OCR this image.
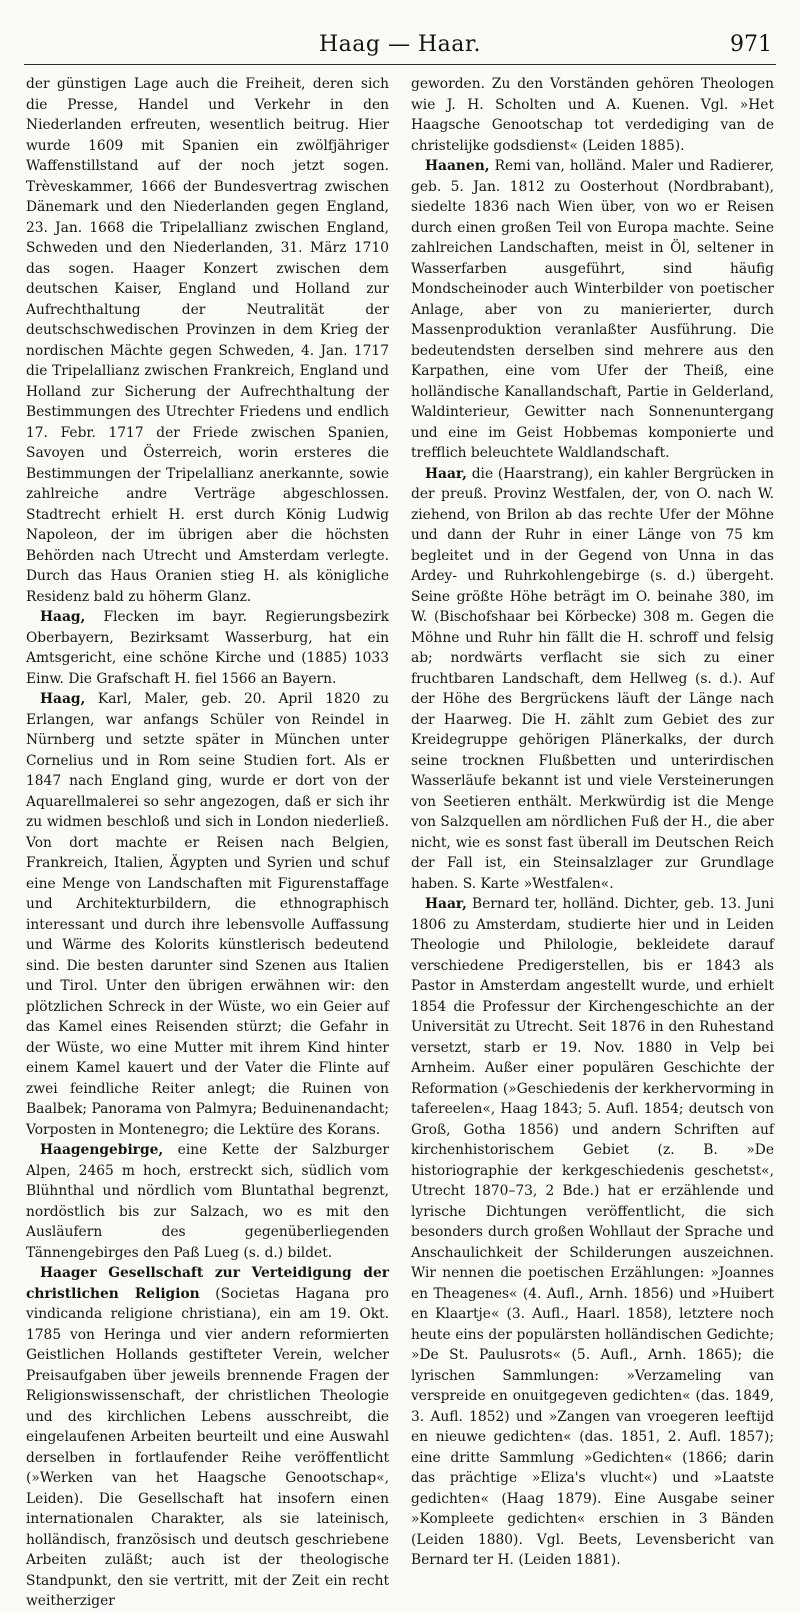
Haag — Haar.	971

der günstigen Lage auch die Freiheit, deren sich die Presse, Handel und Verkehr in den Niederlanden erfreuten, wesentlich beitrug. Hier wurde 1609 mit Spanien ein zwölfjähriger Waffenstillstand auf der noch jetzt sogen. Trèveskammer, 1666 der Bundesvertrag zwischen Dänemark und den Niederlanden gegen England, 23. Jan. 1668 die Tripelallianz zwischen England, Schweden und den Niederlanden, 31. März 1710 das sogen. Haager Konzert zwischen dem deutschen Kaiser, England und Holland zur Aufrechthaltung der Neutralität der deutschschwedischen Provinzen in dem Krieg der nordischen Mächte gegen Schweden, 4. Jan. 1717 die Tripelallianz zwischen Frankreich, England und Holland zur Sicherung der Aufrechthaltung der Bestimmungen des Utrechter Friedens und endlich 17. Febr. 1717 der Friede zwischen Spanien, Savoyen und Österreich, worin ersteres die Bestimmungen der Tripelallianz anerkannte, sowie zahlreiche andre Verträge abgeschlossen. Stadtrecht erhielt H. erst durch König Ludwig Napoleon, der im übrigen aber die höchsten Behörden nach Utrecht und Amsterdam verlegte. Durch das Haus Oranien stieg H. als königliche Residenz bald zu höherm Glanz.

Haag, Flecken im bayr. Regierungsbezirk Oberbayern, Bezirksamt Wasserburg, hat ein Amtsgericht, eine schöne Kirche und (1885) 1033 Einw. Die Grafschaft H. fiel 1566 an Bayern.

Haag, Karl, Maler, geb. 20. April 1820 zu Erlangen, war anfangs Schüler von Reindel in Nürnberg und setzte später in München unter Cornelius und in Rom seine Studien fort. Als er 1847 nach England ging, wurde er dort von der Aquarellmalerei so sehr angezogen, daß er sich ihr zu widmen beschloß und sich in London niederließ. Von dort machte er Reisen nach Belgien, Frankreich, Italien, Ägypten und Syrien und schuf eine Menge von Landschaften mit Figurenstaffage und Architekturbildern, die ethnographisch interessant und durch ihre lebensvolle Auffassung und Wärme des Kolorits künstlerisch bedeutend sind. Die besten darunter sind Szenen aus Italien und Tirol. Unter den übrigen erwähnen wir: den plötzlichen Schreck in der Wüste, wo ein Geier auf das Kamel eines Reisenden stürzt; die Gefahr in der Wüste, wo eine Mutter mit ihrem Kind hinter einem Kamel kauert und der Vater die Flinte auf zwei feindliche Reiter anlegt; die Ruinen von Baalbek; Panorama von Palmyra; Beduinenandacht; Vorposten in Montenegro; die Lektüre des Korans.

Haagengebirge, eine Kette der Salzburger Alpen, 2465 m hoch, erstreckt sich, südlich vom Blühnthal und nördlich vom Bluntathal begrenzt, nordöstlich bis zur Salzach, wo es mit den Ausläufern des gegenüberliegenden Tännengebirges den Paß Lueg (s. d.) bildet.

Haager Gesellschaft zur Verteidigung der christlichen Religion (Societas Hagana pro vindicanda religione christiana), ein am 19. Okt. 1785 von Heringa und vier andern reformierten Geistlichen Hollands gestifteter Verein, welcher Preisaufgaben über jeweils brennende Fragen der Religionswissenschaft, der christlichen Theologie und des kirchlichen Lebens ausschreibt, die eingelaufenen Arbeiten beurteilt und eine Auswahl derselben in fortlaufender Reihe veröffentlicht (»Werken van het Haagsche Genootschap«, Leiden). Die Gesellschaft hat insofern einen internationalen Charakter, als sie lateinisch, holländisch, französisch und deutsch geschriebene Arbeiten zuläßt; auch ist der theologische Standpunkt, den sie vertritt, mit der Zeit ein recht weitherziger

geworden. Zu den Vorständen gehören Theologen wie J. H. Scholten und A. Kuenen. Vgl. »Het Haagsche Genootschap tot verdediging van de christelijke godsdienst« (Leiden 1885).

Haanen, Remi van, holländ. Maler und Radierer, geb. 5. Jan. 1812 zu Oosterhout (Nordbrabant), siedelte 1836 nach Wien über, von wo er Reisen durch einen großen Teil von Europa machte. Seine zahlreichen Landschaften, meist in Öl, seltener in Wasserfarben ausgeführt, sind häufig Mondscheinoder auch Winterbilder von poetischer Anlage, aber von zu manierierter, durch Massenproduktion veranlaßter Ausführung. Die bedeutendsten derselben sind mehrere aus den Karpathen, eine vom Ufer der Theiß, eine holländische Kanallandschaft, Partie in Gelderland, Waldinterieur, Gewitter nach Sonnenuntergang und eine im Geist Hobbemas komponierte und trefflich beleuchtete Waldlandschaft.

Haar, die (Haarstrang), ein kahler Bergrücken in der preuß. Provinz Westfalen, der, von O. nach W. ziehend, von Brilon ab das rechte Ufer der Möhne und dann der Ruhr in einer Länge von 75 km begleitet und in der Gegend von Unna in das Ardey- und Ruhrkohlengebirge (s. d.) übergeht. Seine größte Höhe beträgt im O. beinahe 380, im W. (Bischofshaar bei Körbecke) 308 m. Gegen die Möhne und Ruhr hin fällt die H. schroff und felsig ab; nordwärts verflacht sie sich zu einer fruchtbaren Landschaft, dem Hellweg (s. d.). Auf der Höhe des Bergrückens läuft der Länge nach der Haarweg. Die H. zählt zum Gebiet des zur Kreidegruppe gehörigen Plänerkalks, der durch seine trocknen Flußbetten und unterirdischen Wasserläufe bekannt ist und viele Versteinerungen von Seetieren enthält. Merkwürdig ist die Menge von Salzquellen am nördlichen Fuß der H., die aber nicht, wie es sonst fast überall im Deutschen Reich der Fall ist, ein Steinsalzlager zur Grundlage haben. S. Karte »Westfalen«.

Haar, Bernard ter, holländ. Dichter, geb. 13. Juni 1806 zu Amsterdam, studierte hier und in Leiden Theologie und Philologie, bekleidete darauf verschiedene Predigerstellen, bis er 1843 als Pastor in Amsterdam angestellt wurde, und erhielt 1854 die Professur der Kirchengeschichte an der Universität zu Utrecht. Seit 1876 in den Ruhestand versetzt, starb er 19. Nov. 1880 in Velp bei Arnheim. Außer einer populären Geschichte der Reformation (»Geschiedenis der kerkhervorming in tafereelen«, Haag 1843; 5. Aufl. 1854; deutsch von Groß, Gotha 1856) und andern Schriften auf kirchenhistorischem Gebiet (z. B. »De historiographie der kerkgeschiedenis geschetst«, Utrecht 1870–73, 2 Bde.) hat er erzählende und lyrische Dichtungen veröffentlicht, die sich besonders durch großen Wohllaut der Sprache und Anschaulichkeit der Schilderungen auszeichnen. Wir nennen die poetischen Erzählungen: »Joannes en Theagenes« (4. Aufl., Arnh. 1856) und »Huibert en Klaartje« (3. Aufl., Haarl. 1858), letztere noch heute eins der populärsten holländischen Gedichte; »De St. Paulusrots« (5. Aufl., Arnh. 1865); die lyrischen Sammlungen: »Verzameling van verspreide en onuitgegeven gedichten« (das. 1849, 3. Aufl. 1852) und »Zangen van vroegeren leeftijd en nieuwe gedichten« (das. 1851, 2. Aufl. 1857); eine dritte Sammlung »Gedichten« (1866; darin das prächtige »Eliza's vlucht«) und »Laatste gedichten« (Haag 1879). Eine Ausgabe seiner »Kompleete gedichten« erschien in 3 Bänden (Leiden 1880). Vgl. Beets, Levensbericht van Bernard ter H. (Leiden 1881).
